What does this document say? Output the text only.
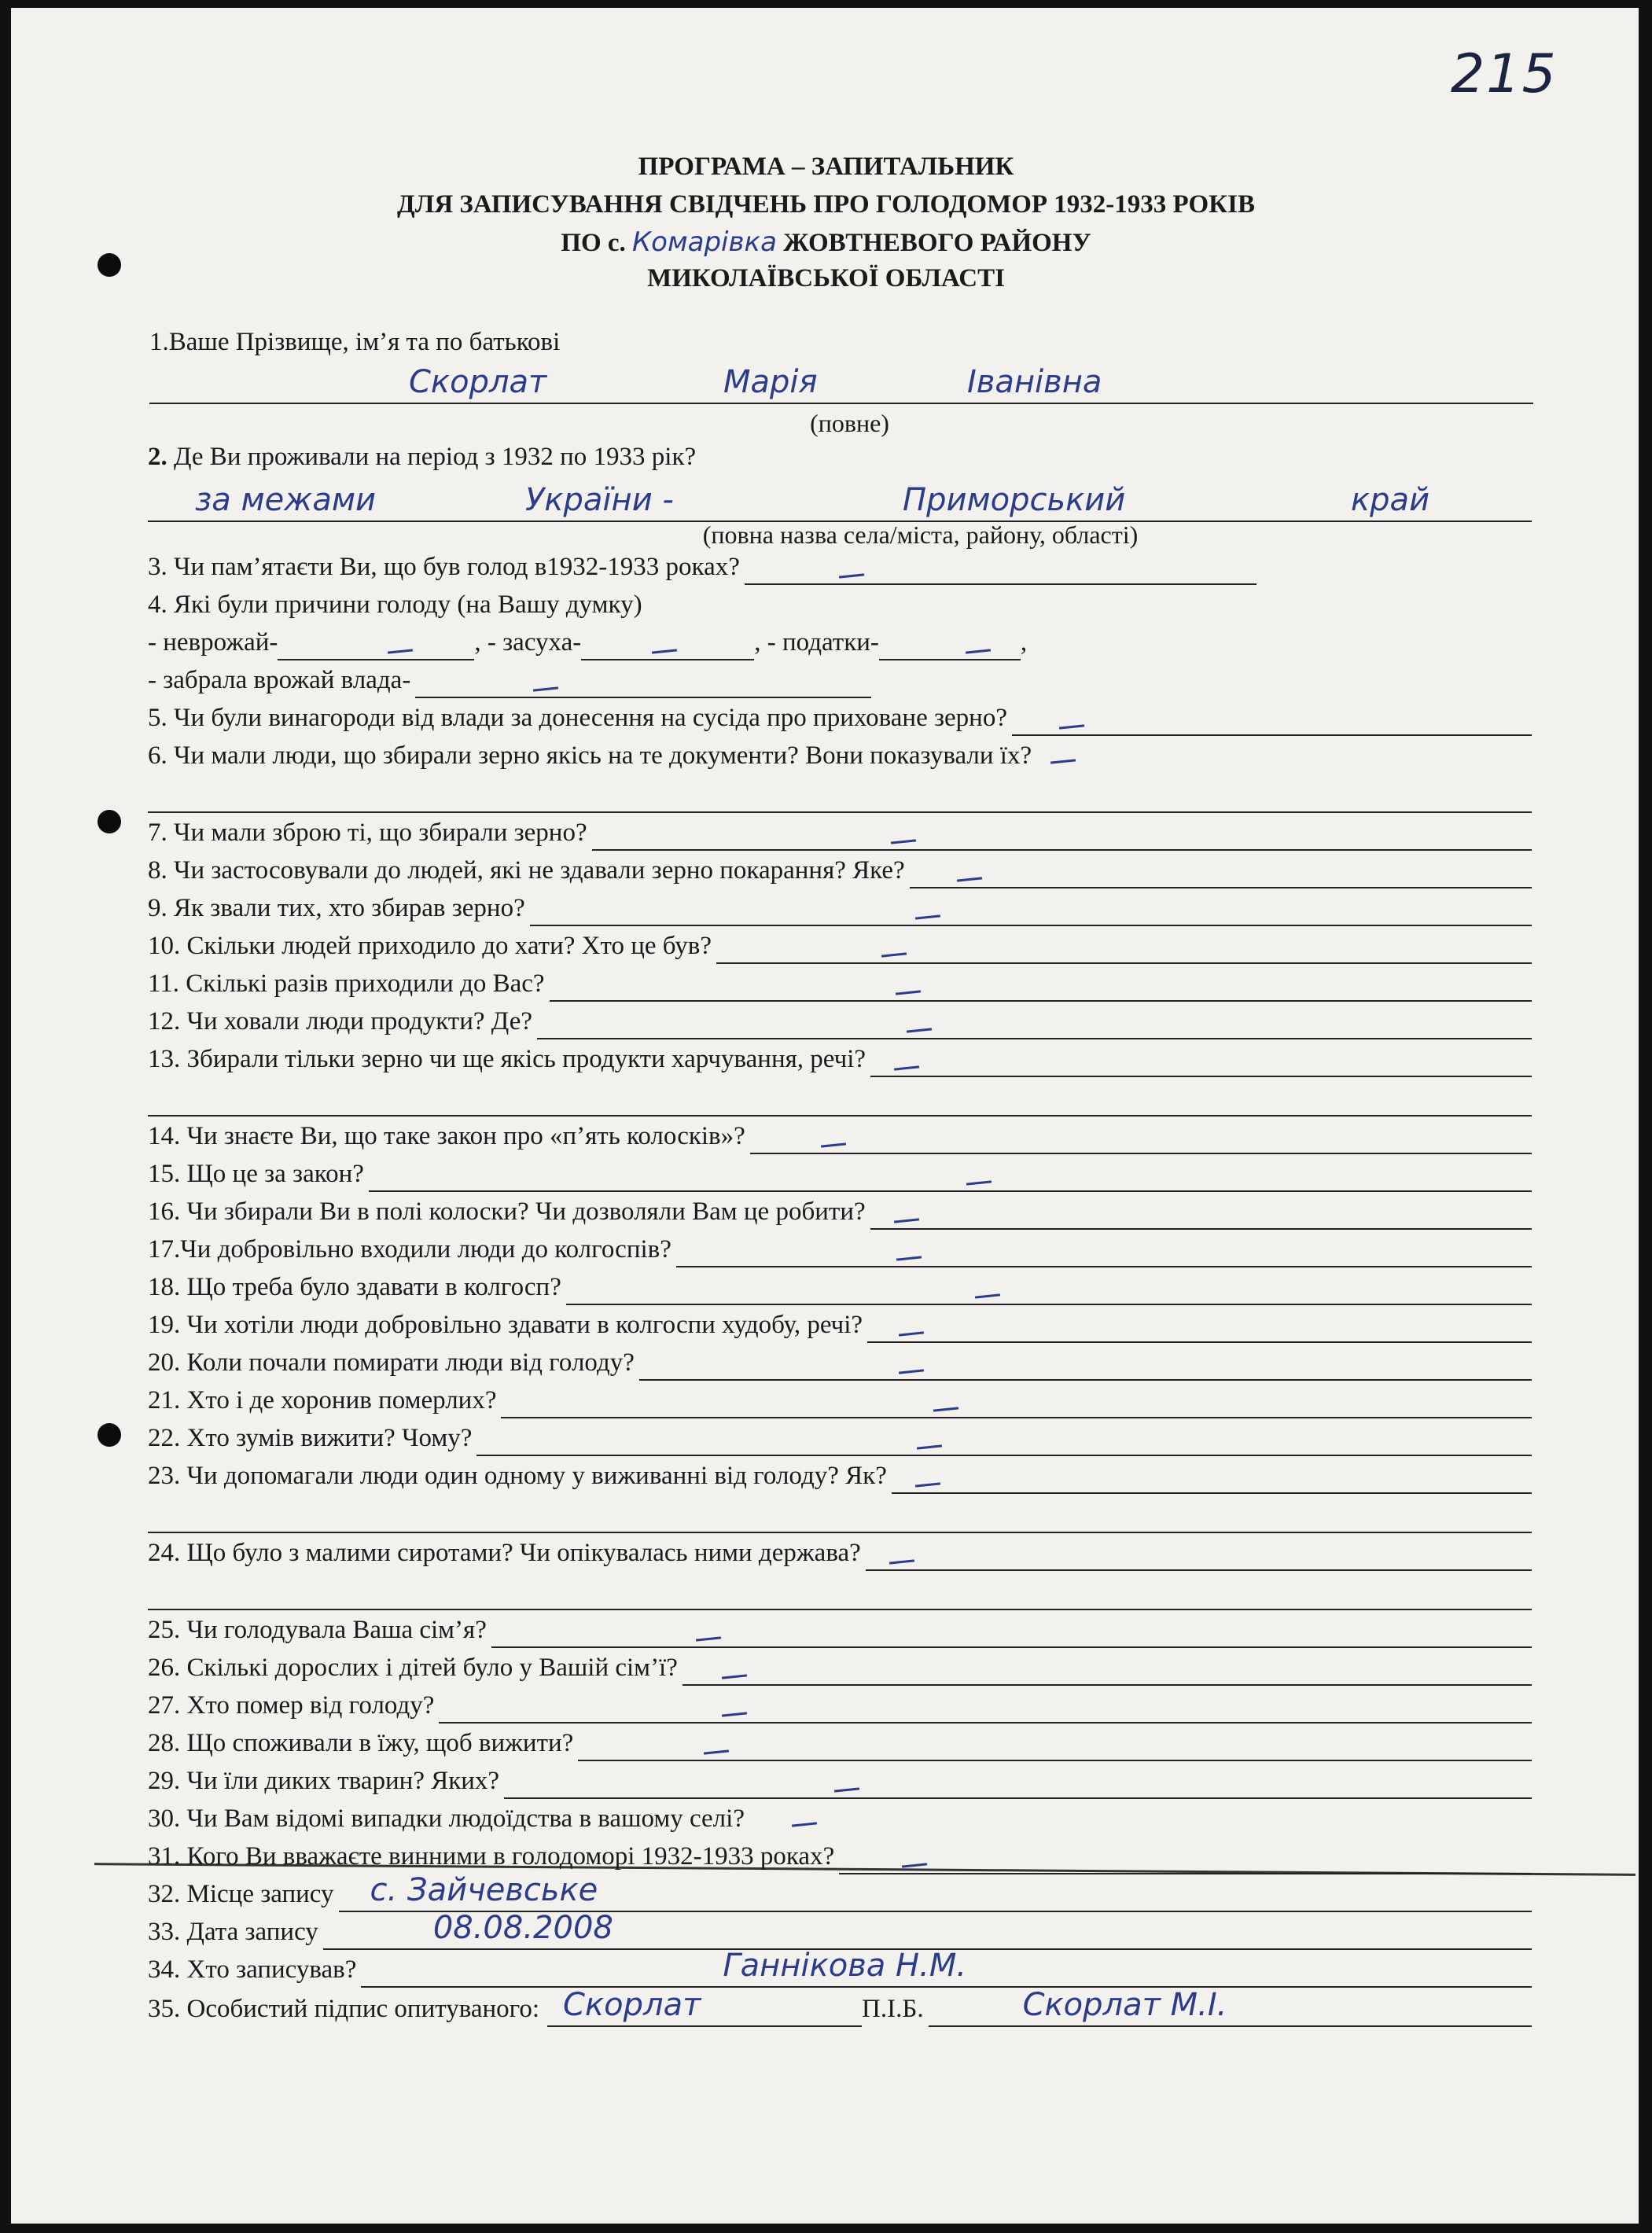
215
ПРОГРАМА – ЗАПИТАЛЬНИК
ДЛЯ ЗАПИСУВАННЯ СВІДЧЕНЬ ПРО ГОЛОДОМОР 1932-1933 РОКІВ
ПО с. Комарівка ЖОВТНЕВОГО РАЙОНУ
МИКОЛАЇВСЬКОЇ ОБЛАСТІ
1.Ваше Прізвище, ім’я та по батькові
Скорлат	Марія	Іванівна
(повне)
2. Де Ви проживали на період з 1932 по 1933 рік?
за межами	України -	Приморський	край
(повна назва села/міста, району, області)
3. Чи пам’ятаєти Ви, що був голод в1932-1933 роках?
4. Які були причини голоду (на Вашу думку)
- неврожай-	, - засуха-	, - податки-	,
- забрала врожай влада-
5. Чи були винагороди від влади за донесення на сусіда про приховане зерно?
6. Чи мали люди, що збирали зерно якісь на те документи? Вони показували їх?
7. Чи мали зброю ті, що збирали зерно?
8. Чи застосовували до людей, які не здавали зерно покарання? Яке?
9. Як звали тих, хто збирав зерно?
10. Скільки людей приходило до хати? Хто це був?
11. Скількі разів приходили до Вас?
12. Чи ховали люди продукти? Де?
13. Збирали тільки зерно чи ще якісь продукти харчування, речі?
14. Чи знаєте Ви, що таке закон про «п’ять колосків»?
15. Що це за закон?
16. Чи збирали Ви в полі колоски? Чи дозволяли Вам це робити?
17.Чи добровільно входили люди до колгоспів?
18. Що треба було здавати в колгосп?
19. Чи хотіли люди добровільно здавати в колгоспи худобу, речі?
20. Коли почали помирати люди від голоду?
21. Хто і де хоронив померлих?
22. Хто зумів вижити? Чому?
23. Чи допомагали люди один одному у виживанні від голоду? Як?
24. Що було з малими сиротами? Чи опікувалась ними держава?
25. Чи голодувала Ваша сім’я?
26. Скількі дорослих і дітей було у Вашій сім’ї?
27. Хто помер від голоду?
28. Що споживали в їжу, щоб вижити?
29. Чи їли диких тварин? Яких?
30. Чи Вам відомі випадки людоїдства в вашому селі?
31. Кого Ви вважаєте винними в голодоморі 1932-1933 роках?
32. Місце запису с. Зайчевське
33. Дата запису	08.08.2008
34. Хто записував?	Ганнікова Н.М.
35. Особистий підпис опитуваного: Скорлат	П.І.Б.	Скорлат М.І.
